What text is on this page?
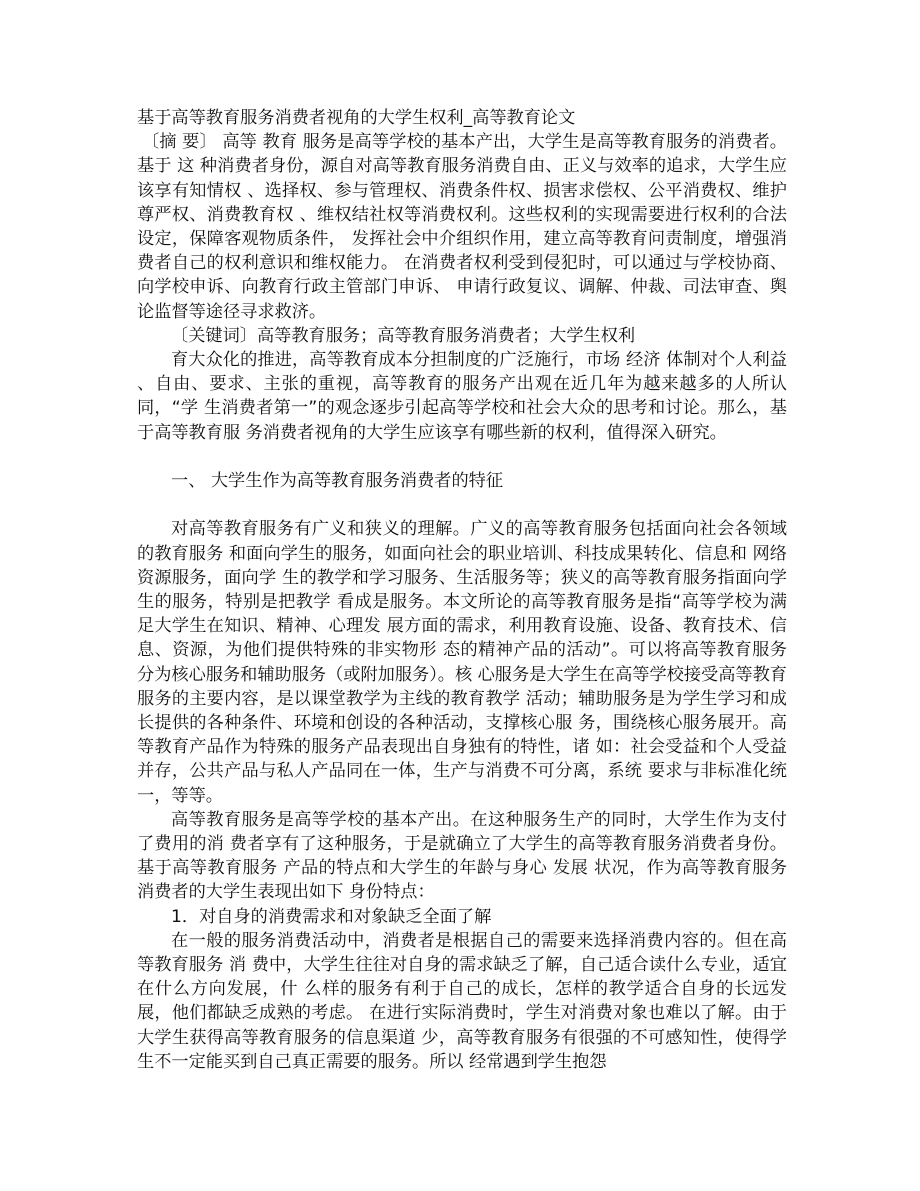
基于高等教育服务消费者视角的大学生权利_高等教育论文

〔摘 要〕 高等 教育 服务是高等学校的基本产出，大学生是高等教育服务的消费者。基于 这 种消费者身份，源自对高等教育服务消费自由、正义与效率的追求，大学生应该享有知情权 、选择权、参与管理权、消费条件权、损害求偿权、公平消费权、维护尊严权、消费教育权 、维权结社权等消费权利。这些权利的实现需要进行权利的合法设定，保障客观物质条件， 发挥社会中介组织作用，建立高等教育问责制度，增强消费者自己的权利意识和维权能力。 在消费者权利受到侵犯时，可以通过与学校协商、向学校申诉、向教育行政主管部门申诉、 申请行政复议、调解、仲裁、司法审查、舆论监督等途径寻求救济。

〔关键词〕高等教育服务；高等教育服务消费者；大学生权利

育大众化的推进，高等教育成本分担制度的广泛施行，市场 经济 体制对个人利益 、自由、要求、主张的重视，高等教育的服务产出观在近几年为越来越多的人所认同，“学 生消费者第一”的观念逐步引起高等学校和社会大众的思考和讨论。那么，基于高等教育服 务消费者视角的大学生应该享有哪些新的权利，值得深入研究。

一、 大学生作为高等教育服务消费者的特征

对高等教育服务有广义和狭义的理解。广义的高等教育服务包括面向社会各领域的教育服务 和面向学生的服务，如面向社会的职业培训、科技成果转化、信息和 网络 资源服务，面向学 生的教学和学习服务、生活服务等；狭义的高等教育服务指面向学生的服务，特别是把教学 看成是服务。本文所论的高等教育服务是指“高等学校为满足大学生在知识、精神、心理发 展方面的需求，利用教育设施、设备、教育技术、信息、资源，为他们提供特殊的非实物形 态的精神产品的活动”。可以将高等教育服务分为核心服务和辅助服务（或附加服务）。核 心服务是大学生在高等学校接受高等教育服务的主要内容，是以课堂教学为主线的教育教学 活动；辅助服务是为学生学习和成长提供的各种条件、环境和创设的各种活动，支撑核心服 务，围绕核心服务展开。高等教育产品作为特殊的服务产品表现出自身独有的特性，诸 如：社会受益和个人受益并存，公共产品与私人产品同在一体，生产与消费不可分离，系统 要求与非标准化统一，等等。

高等教育服务是高等学校的基本产出。在这种服务生产的同时，大学生作为支付了费用的消 费者享有了这种服务，于是就确立了大学生的高等教育服务消费者身份。基于高等教育服务 产品的特点和大学生的年龄与身心 发展 状况，作为高等教育服务消费者的大学生表现出如下 身份特点：

1．对自身的消费需求和对象缺乏全面了解

在一般的服务消费活动中，消费者是根据自己的需要来选择消费内容的。但在高等教育服务 消 费中，大学生往往对自身的需求缺乏了解，自己适合读什么专业，适宜在什么方向发展，什 么样的服务有利于自己的成长，怎样的教学适合自身的长远发展，他们都缺乏成熟的考虑。 在进行实际消费时，学生对消费对象也难以了解。由于大学生获得高等教育服务的信息渠道 少，高等教育服务有很强的不可感知性，使得学生不一定能买到自己真正需要的服务。所以 经常遇到学生抱怨
